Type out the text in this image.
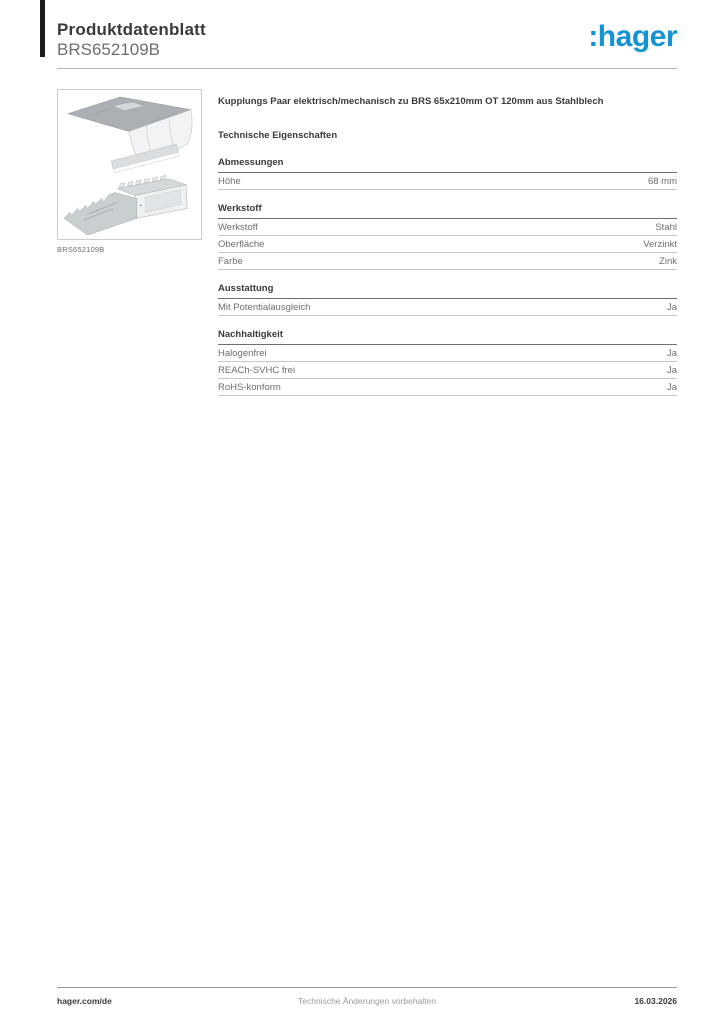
Produktdatenblatt
BRS652109B	:hager
BRS652109B
Kupplungs Paar elektrisch/mechanisch zu BRS 65x210mm OT 120mm aus Stahlblech
Technische Eigenschaften
Abmessungen
Höhe	68 mm
Werkstoff
Werkstoff	Stahl
Oberfläche	Verzinkt
Farbe	Zink
Ausstattung
Mit Potentialausgleich	Ja
Nachhaltigkeit
Halogenfrei	Ja
REACh-SVHC frei	Ja
RoHS-konform	Ja
hager.com/de	Technische Änderungen vorbehalten	16.03.2026
